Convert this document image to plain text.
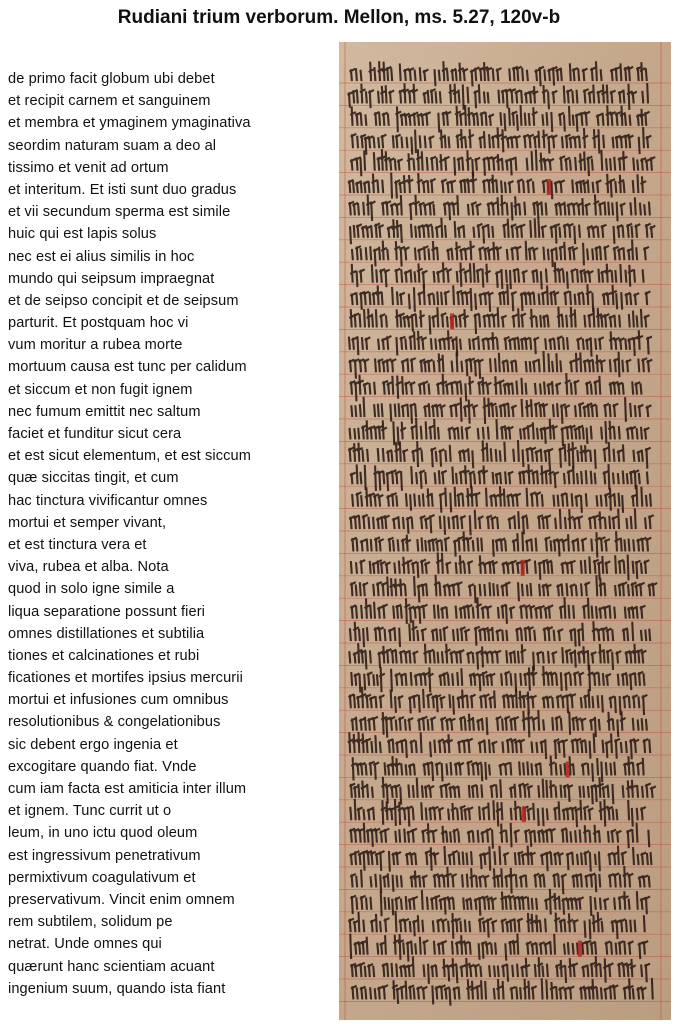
Rudiani trium verborum. Mellon, ms. 5.27, 120v-b
de primo facit globum ubi debet
et recipit carnem et sanguinem
et membra et ymaginem ymaginativa
seordim naturam suam a deo al
tissimo et venit ad ortum
et interitum. Et isti sunt duo gradus
et vii secundum sperma est simile
huic qui est lapis solus
nec est ei alius similis in hoc
mundo qui seipsum impraegnat
et de seipso concipit et de seipsum
parturit. Et postquam hoc vi
vum moritur a rubea morte
mortuum causa est tunc per calidum
et siccum et non fugit ignem
nec fumum emittit nec saltum
faciet et funditur sicut cera
et est sicut elementum, et est siccum
quæ siccitas tingit, et cum
hac tinctura vivificantur omnes
mortui et semper vivant,
et est tinctura vera et
viva, rubea et alba. Nota
quod in solo igne simile a
liqua separatione possunt fieri
omnes distillationes et subtilia
tiones et calcinationes et rubi
ficationes et mortifes ipsius mercurii
mortui et infusiones cum omnibus
resolutionibus & congelationibus
sic debent ergo ingenia et
excogitare quando fiat. Vnde
cum iam facta est amiticia inter illum
et ignem. Tunc currit ut o
leum, in uno ictu quod oleum
est ingressivum penetrativum
permixtivum coagulativum et
preservativum. Vincit enim omnem
rem subtilem, solidum pe
netrat. Unde omnes qui
quærunt hanc scientiam acuant
ingenium suum, quando ista fiant
